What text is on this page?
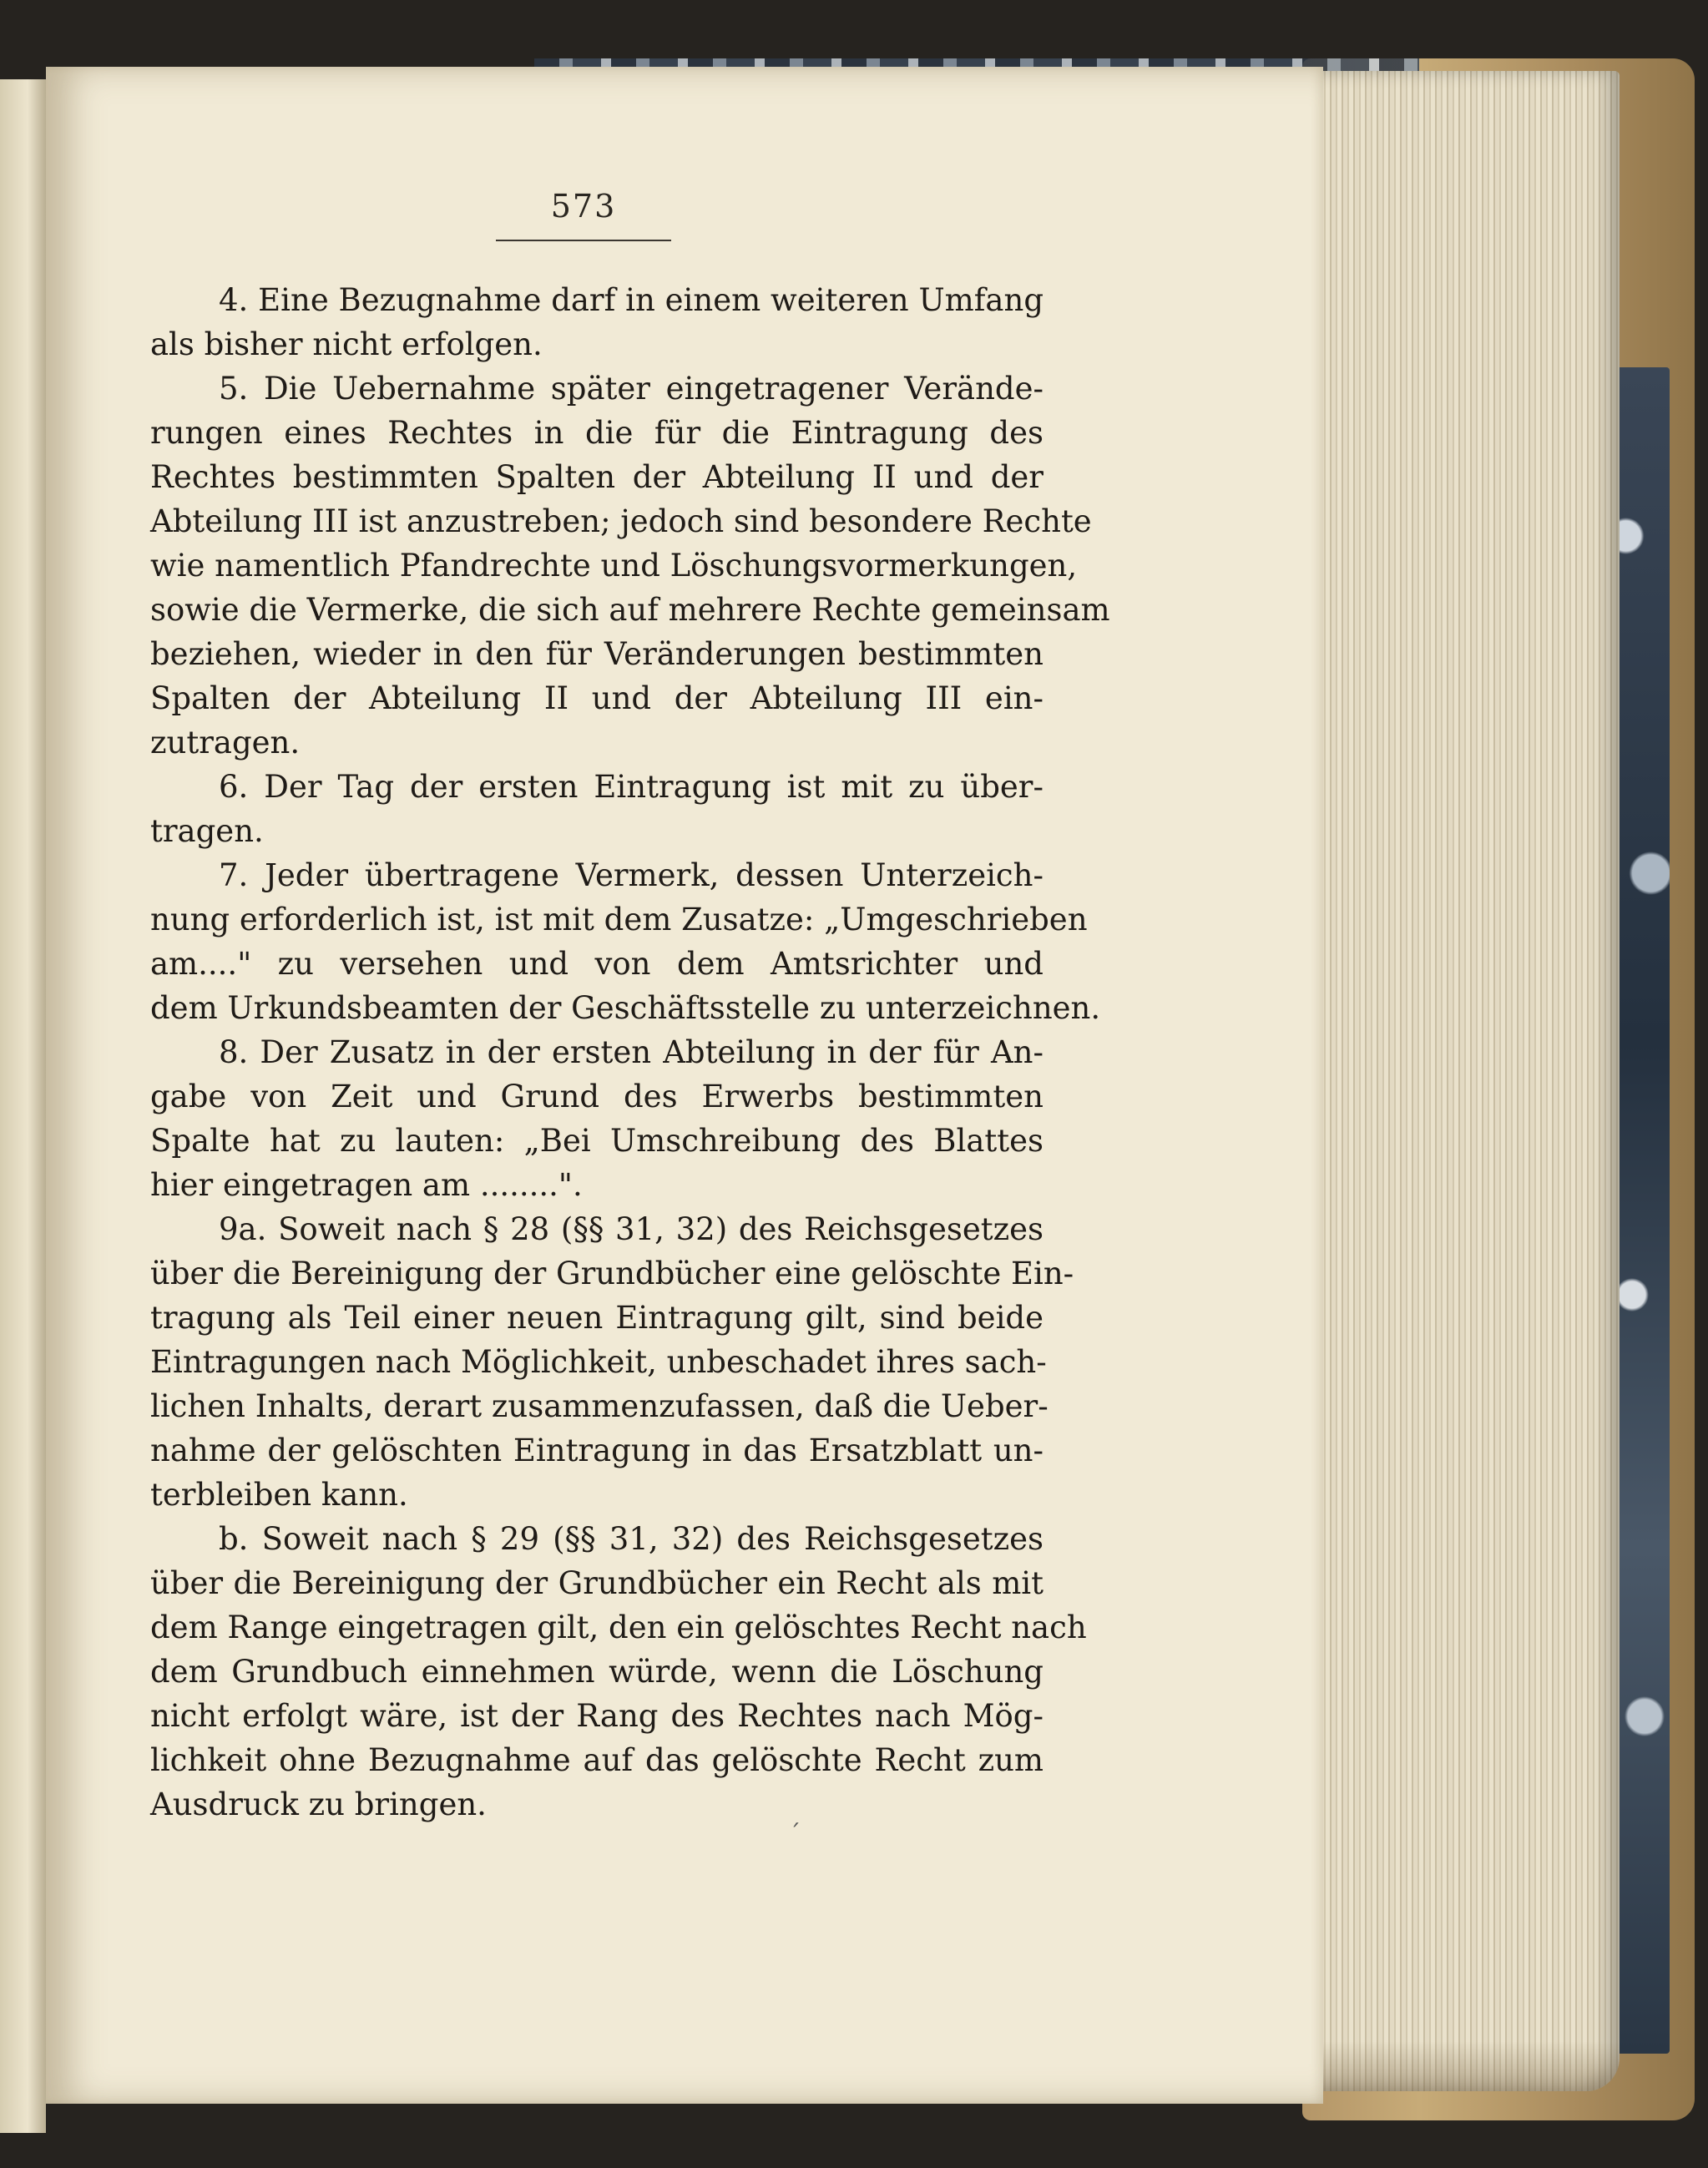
573
4. Eine Bezugnahme darf in einem weiteren Umfang
als bisher nicht erfolgen.
5. Die Uebernahme später eingetragener Verände-
rungen eines Rechtes in die für die Eintragung des
Rechtes bestimmten Spalten der Abteilung II und der
Abteilung III ist anzustreben; jedoch sind besondere Rechte
wie namentlich Pfandrechte und Löschungsvormerkungen,
sowie die Vermerke, die sich auf mehrere Rechte gemeinsam
beziehen, wieder in den für Veränderungen bestimmten
Spalten der Abteilung II und der Abteilung III ein-
zutragen.
6. Der Tag der ersten Eintragung ist mit zu über-
tragen.
7. Jeder übertragene Vermerk, dessen Unterzeich-
nung erforderlich ist, ist mit dem Zusatze: „Umgeschrieben
am...." zu versehen und von dem Amtsrichter und
dem Urkundsbeamten der Geschäftsstelle zu unterzeichnen.
8. Der Zusatz in der ersten Abteilung in der für An-
gabe von Zeit und Grund des Erwerbs bestimmten
Spalte hat zu lauten: „Bei Umschreibung des Blattes
hier eingetragen am ........".
9a. Soweit nach § 28 (§§ 31, 32) des Reichsgesetzes
über die Bereinigung der Grundbücher eine gelöschte Ein-
tragung als Teil einer neuen Eintragung gilt, sind beide
Eintragungen nach Möglichkeit, unbeschadet ihres sach-
lichen Inhalts, derart zusammenzufassen, daß die Ueber-
nahme der gelöschten Eintragung in das Ersatzblatt un-
terbleiben kann.
b. Soweit nach § 29 (§§ 31, 32) des Reichsgesetzes
über die Bereinigung der Grundbücher ein Recht als mit
dem Range eingetragen gilt, den ein gelöschtes Recht nach
dem Grundbuch einnehmen würde, wenn die Löschung
nicht erfolgt wäre, ist der Rang des Rechtes nach Mög-
lichkeit ohne Bezugnahme auf das gelöschte Recht zum
Ausdruck zu bringen.
ˊ
